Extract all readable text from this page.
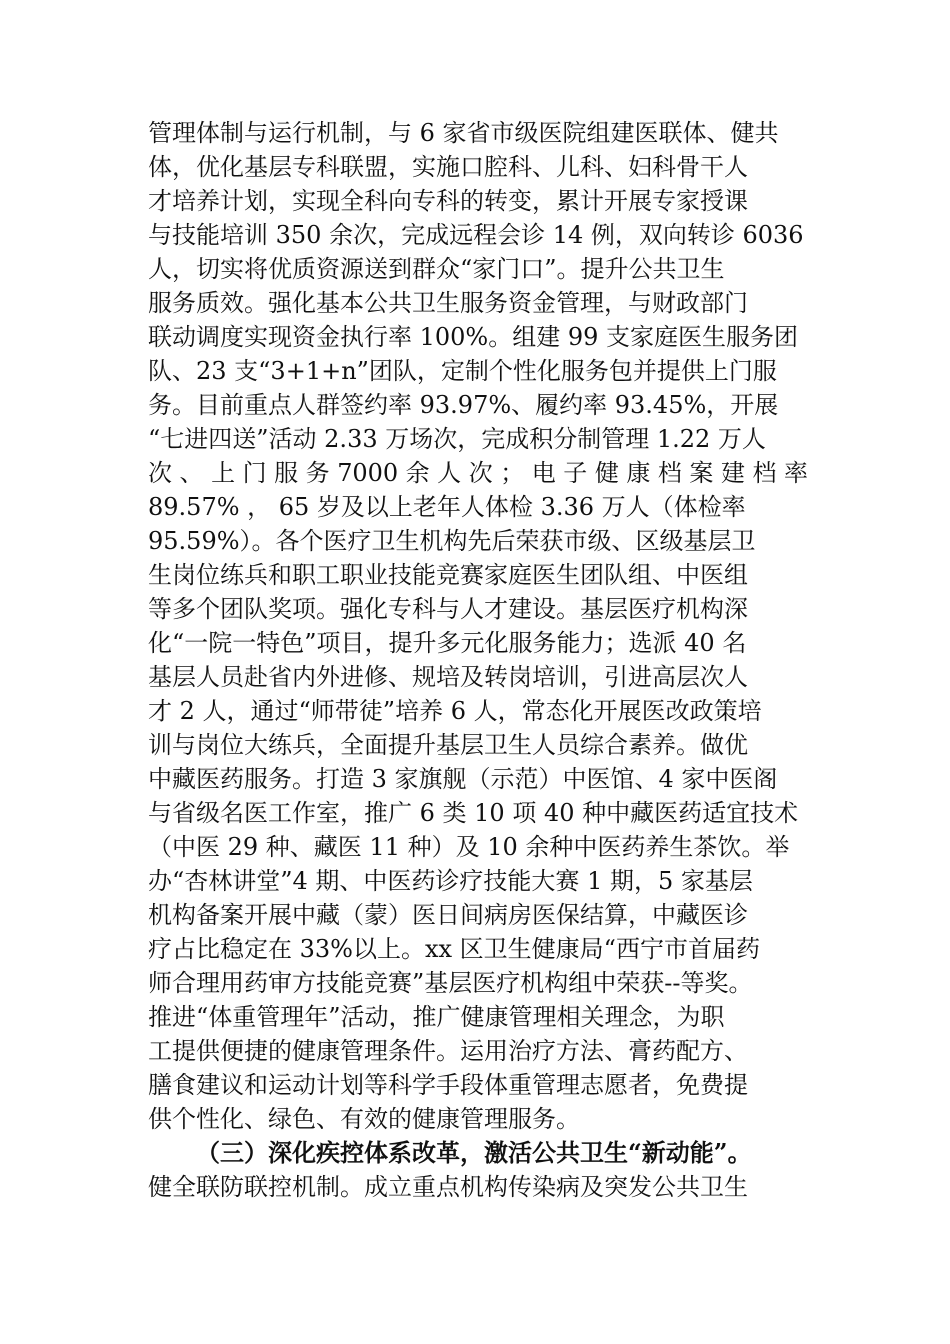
管理体制与运行机制，与 6 家省市级医院组建医联体、健共
体，优化基层专科联盟，实施口腔科、儿科、妇科骨干人
才培养计划，实现全科向专科的转变，累计开展专家授课
与技能培训 350 余次，完成远程会诊 14 例，双向转诊 6036
人，切实将优质资源送到群众“家门口”。提升公共卫生
服务质效。强化基本公共卫生服务资金管理，与财政部门
联动调度实现资金执行率 100%。组建 99 支家庭医生服务团
队、23 支“3+1+n”团队，定制个性化服务包并提供上门服
务。目前重点人群签约率 93.97%、履约率 93.45%，开展
“七进四送”活动 2.33 万场次，完成积分制管理 1.22 万人
次 、 上 门 服 务 7000 余 人 次 ； 电 子 健 康 档 案 建 档 率
89.57% ， 65 岁及以上老年人体检 3.36 万人（体检率
95.59%）。各个医疗卫生机构先后荣获市级、区级基层卫
生岗位练兵和职工职业技能竞赛家庭医生团队组、中医组
等多个团队奖项。强化专科与人才建设。基层医疗机构深
化“一院一特色”项目，提升多元化服务能力；选派 40 名
基层人员赴省内外进修、规培及转岗培训，引进高层次人
才 2 人，通过“师带徒”培养 6 人，常态化开展医改政策培
训与岗位大练兵，全面提升基层卫生人员综合素养。做优
中藏医药服务。打造 3 家旗舰（示范）中医馆、4 家中医阁
与省级名医工作室，推广 6 类 10 项 40 种中藏医药适宜技术
（中医 29 种、藏医 11 种）及 10 余种中医药养生茶饮。举
办“杏林讲堂”4 期、中医药诊疗技能大赛 1 期，5 家基层
机构备案开展中藏（蒙）医日间病房医保结算，中藏医诊
疗占比稳定在 33%以上。xx 区卫生健康局“西宁市首届药
师合理用药审方技能竞赛”基层医疗机构组中荣获--等奖。
推进“体重管理年”活动，推广健康管理相关理念，为职
工提供便捷的健康管理条件。运用治疗方法、膏药配方、
膳食建议和运动计划等科学手段体重管理志愿者，免费提
供个性化、绿色、有效的健康管理服务。
（三）深化疾控体系改革，激活公共卫生“新动能”。
健全联防联控机制。成立重点机构传染病及突发公共卫生
